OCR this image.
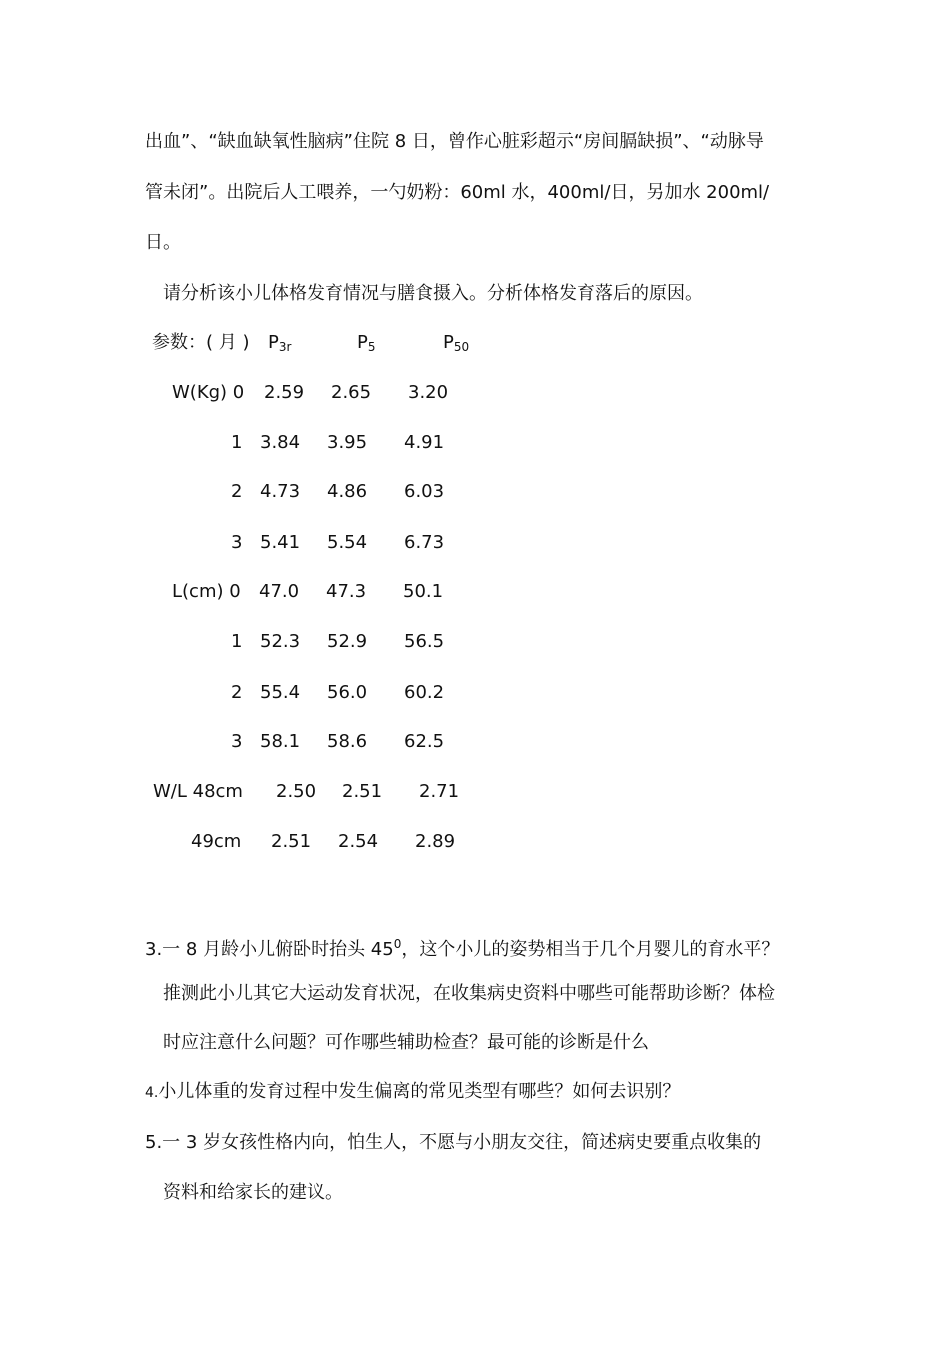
出血”、“缺血缺氧性脑病”住院 8 日，曾作心脏彩超示“房间膈缺损”、“动脉导
管未闭”。出院后人工喂养，一勺奶粉：60ml 水，400ml/日，另加水 200ml/
日。
请分析该小儿体格发育情况与膳食摄入。分析体格发育落后的原因。
参数：( 月 ) $P_{3r}$	$P_5$	$P_{50}$
W(Kg) 0 2.59 2.65 3.20
1 3.84 3.95 4.91
2 4.73 4.86 6.03
3 5.41 5.54 6.73
L(cm) 0 47.0 47.3 50.1
1 52.3 52.9 56.5
2 55.4 56.0 60.2
3 58.1 58.6 62.5
W/L 48cm 2.50 2.51 2.71
49cm 2.51 2.54 2.89
3.一 8 月龄小儿俯卧时抬头 $45^0$，这个小儿的姿势相当于几个月婴儿的育水平？
推测此小儿其它大运动发育状况，在收集病史资料中哪些可能帮助诊断？体检
时应注意什么问题？可作哪些辅助检查？最可能的诊断是什么
4.小儿体重的发育过程中发生偏离的常见类型有哪些？如何去识别？
5.一 3 岁女孩性格内向，怕生人，不愿与小朋友交往，简述病史要重点收集的
资料和给家长的建议。
